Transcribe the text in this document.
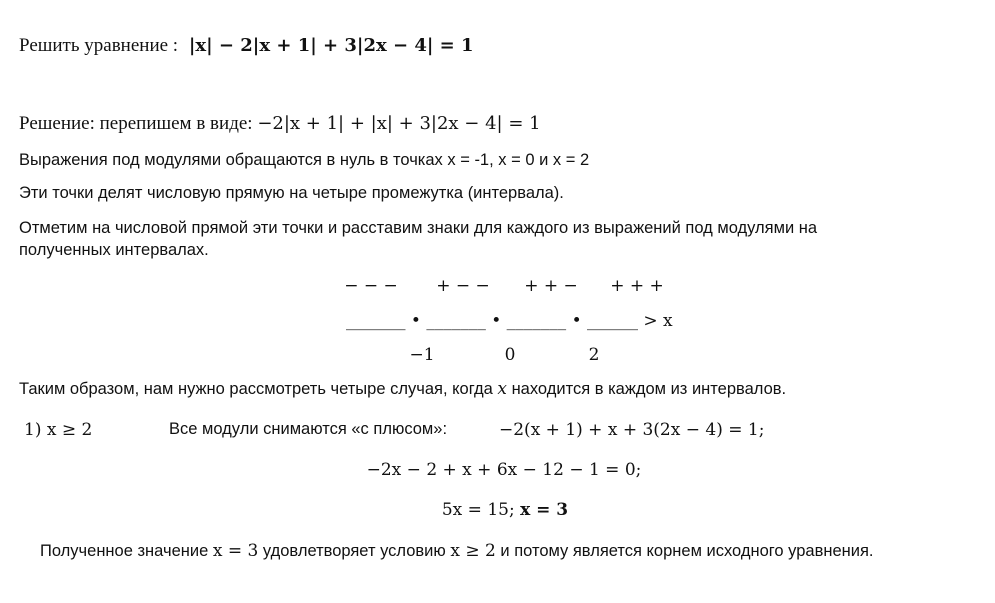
Решить уравнение : |x| − 2|x + 1| + 3|2x − 4| = 1
Решение: перепишем в виде: −2|x + 1| + |x| + 3|2x − 4| = 1
Выражения под модулями обращаются в нуль в точках х = -1, х = 0 и х = 2
Эти точки делят числовую прямую на четыре промежутка (интервала).
Отметим на числовой прямой эти точки и расставим знаки для каждого из выражений под модулями на
полученных интервалах.
− − − + − − + + − + + +
_______ • _______ • _______ • ______ > x
−1	0	2
Таким образом, нам нужно рассмотреть четыре случая, когда x находится в каждом из интервалов.
1) x ≥ 2	Все модули снимаются «с плюсом»:	−2(x + 1) + x + 3(2x − 4) = 1;
−2x − 2 + x + 6x − 12 − 1 = 0;
5x = 15; x = 3
Полученное значение x = 3 удовлетворяет условию x ≥ 2 и потому является корнем исходного уравнения.
